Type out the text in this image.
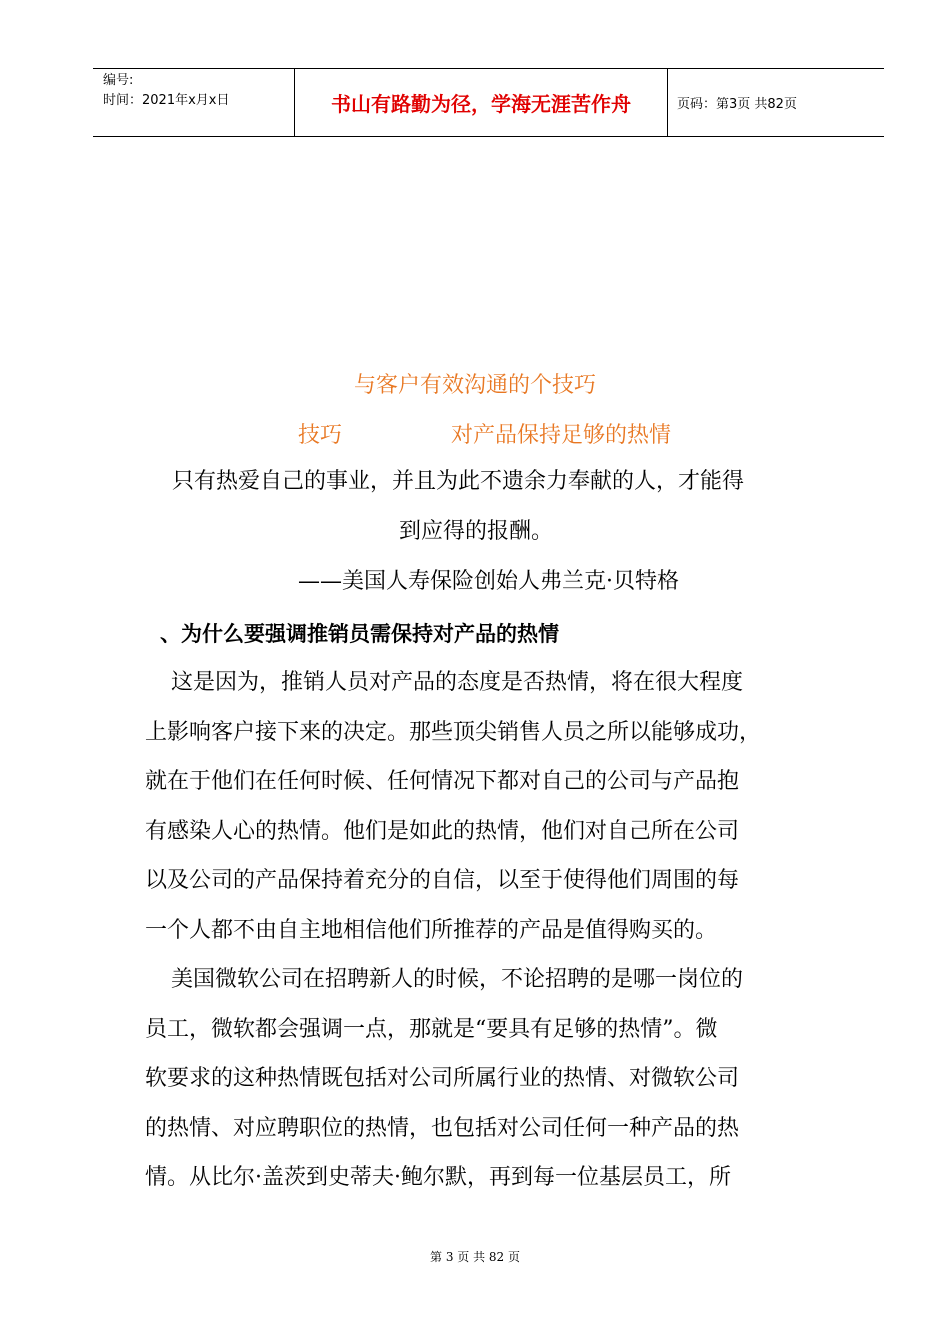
编号:
时间：2021年x月x日	书山有路勤为径，学海无涯苦作舟	页码：第3页 共82页
与客户有效沟通的个技巧
技巧	对产品保持足够的热情
只有热爱自己的事业，并且为此不遗余力奉献的人，才能得
到应得的报酬。
——美国人寿保险创始人弗兰克·贝特格
、为什么要强调推销员需保持对产品的热情
这是因为，推销人员对产品的态度是否热情，将在很大程度
上影响客户接下来的决定。那些顶尖销售人员之所以能够成功，
就在于他们在任何时候、任何情况下都对自己的公司与产品抱
有感染人心的热情。他们是如此的热情，他们对自己所在公司
以及公司的产品保持着充分的自信，以至于使得他们周围的每
一个人都不由自主地相信他们所推荐的产品是值得购买的。
美国微软公司在招聘新人的时候，不论招聘的是哪一岗位的
员工，微软都会强调一点，那就是“要具有足够的热情”。微
软要求的这种热情既包括对公司所属行业的热情、对微软公司
的热情、对应聘职位的热情，也包括对公司任何一种产品的热
情。从比尔·盖茨到史蒂夫·鲍尔默，再到每一位基层员工，所
第 3 页 共 82 页
